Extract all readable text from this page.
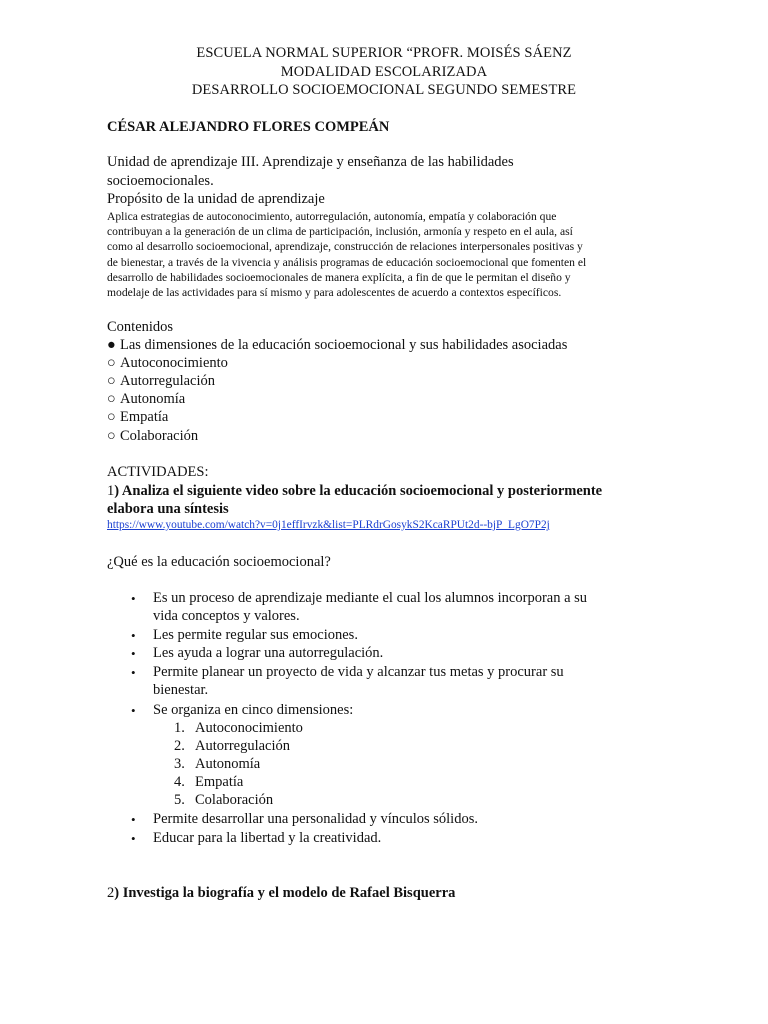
ESCUELA NORMAL SUPERIOR “PROFR. MOISÉS SÁENZ
MODALIDAD ESCOLARIZADA
DESARROLLO SOCIOEMOCIONAL SEGUNDO SEMESTRE
CÉSAR ALEJANDRO FLORES COMPEÁN
Unidad de aprendizaje III. Aprendizaje y enseñanza de las habilidades
socioemocionales.
Propósito de la unidad de aprendizaje
Aplica estrategias de autoconocimiento, autorregulación, autonomía, empatía y colaboración que
contribuyan a la generación de un clima de participación, inclusión, armonía y respeto en el aula, así
como al desarrollo socioemocional, aprendizaje, construcción de relaciones interpersonales positivas y
de bienestar, a través de la vivencia y análisis programas de educación socioemocional que fomenten el
desarrollo de habilidades socioemocionales de manera explícita, a fin de que le permitan el diseño y
modelaje de las actividades para sí mismo y para adolescentes de acuerdo a contextos específicos.
Contenidos
● Las dimensiones de la educación socioemocional y sus habilidades asociadas
○ Autoconocimiento
○ Autorregulación
○ Autonomía
○ Empatía
○ Colaboración
ACTIVIDADES:
1) Analiza el siguiente video sobre la educación socioemocional y posteriormente
elabora una síntesis
https://www.youtube.com/watch?v=0j1effIrvzk&list=PLRdrGosykS2KcaRPUt2d--bjP_LgO7P2j
¿Qué es la educación socioemocional?
• Es un proceso de aprendizaje mediante el cual los alumnos incorporan a su
vida conceptos y valores.
• Les permite regular sus emociones.
• Les ayuda a lograr una autorregulación.
• Permite planear un proyecto de vida y alcanzar tus metas y procurar su
bienestar.
• Se organiza en cinco dimensiones:
1. Autoconocimiento
2. Autorregulación
3. Autonomía
4. Empatía
5. Colaboración
• Permite desarrollar una personalidad y vínculos sólidos.
• Educar para la libertad y la creatividad.
2) Investiga la biografía y el modelo de Rafael Bisquerra
